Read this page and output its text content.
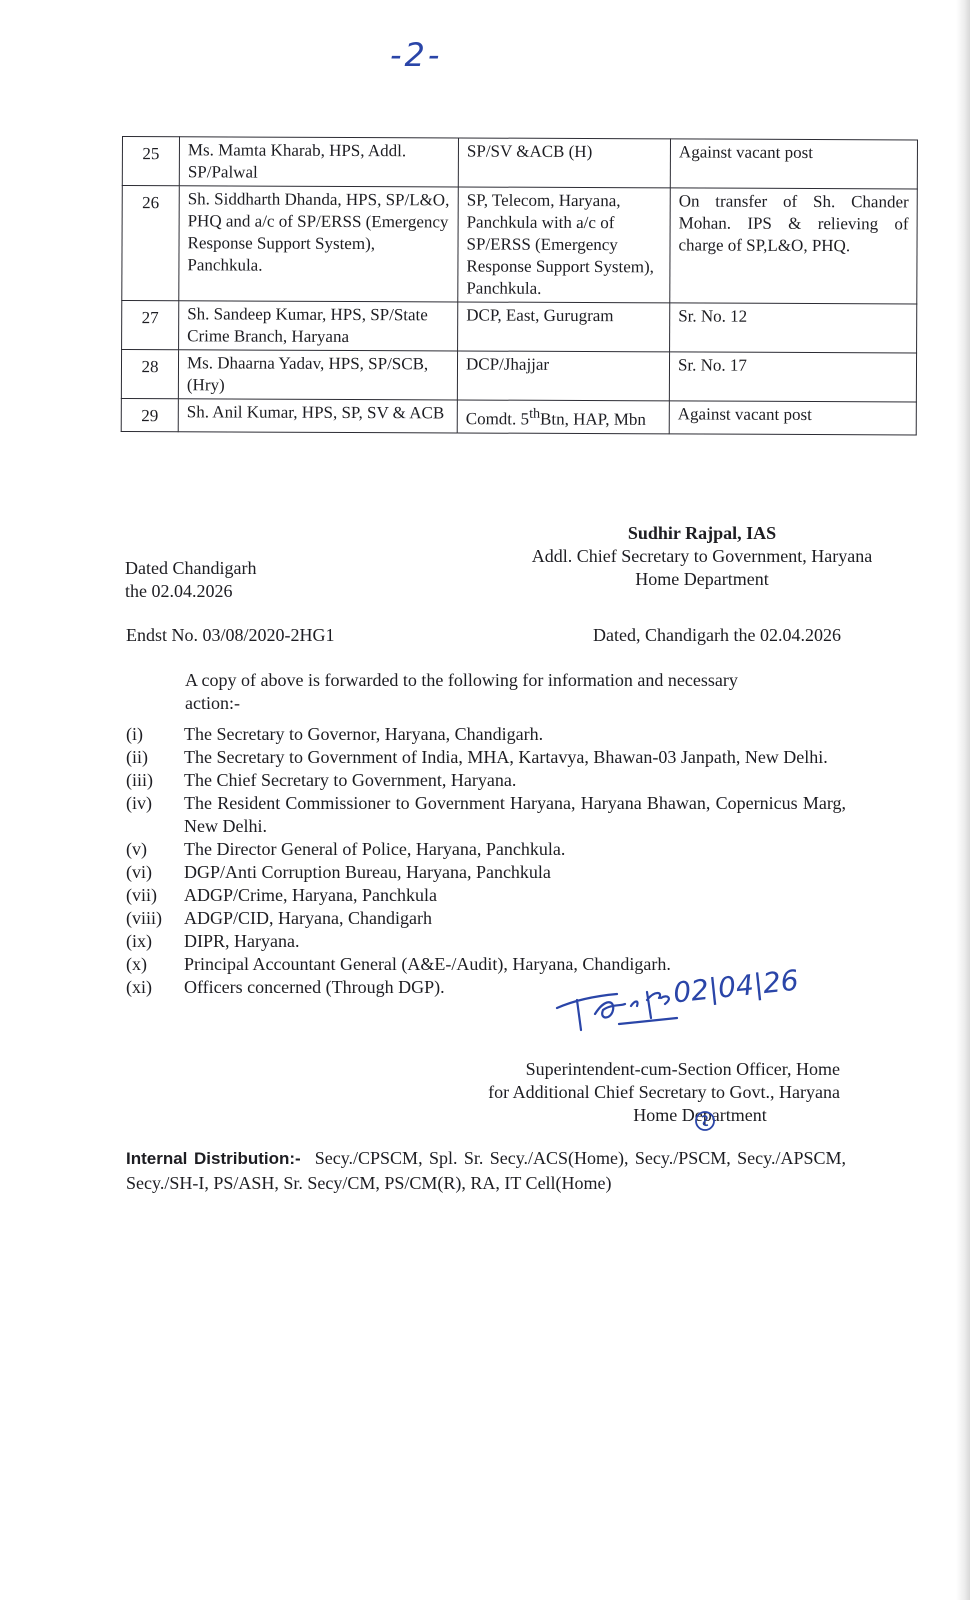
-2-
25	Ms. Mamta Kharab, HPS, Addl. SP/Palwal	SP/SV &ACB (H)	Against vacant post
26	Sh. Siddharth Dhanda, HPS, SP/L&O, PHQ and a/c of SP/ERSS (Emergency Response Support System), Panchkula.	SP, Telecom, Haryana, Panchkula with a/c of SP/ERSS (Emergency Response Support System), Panchkula.	On transfer of Sh. Chander Mohan. IPS & relieving of charge of SP,L&O, PHQ.
27	Sh. Sandeep Kumar, HPS, SP/State Crime Branch, Haryana	DCP, East, Gurugram	Sr. No. 12
28	Ms. Dhaarna Yadav, HPS, SP/SCB, (Hry)	DCP/Jhajjar	Sr. No. 17
29	Sh. Anil Kumar, HPS, SP, SV & ACB	Comdt. 5thBtn, HAP, Mbn	Against vacant post
Sudhir Rajpal, IAS
Addl. Chief Secretary to Government, Haryana
Home Department
Dated Chandigarh
the 02.04.2026
Endst No. 03/08/2020-2HG1	Dated, Chandigarh the 02.04.2026
A copy of above is forwarded to the following for information and necessary action:-
(i)	The Secretary to Governor, Haryana, Chandigarh.
(ii)	The Secretary to Government of India, MHA, Kartavya, Bhawan-03 Janpath, New Delhi.
(iii)	The Chief Secretary to Government, Haryana.
(iv)	The Resident Commissioner to Government Haryana, Haryana Bhawan, Copernicus Marg, New Delhi.
(v)	The Director General of Police, Haryana, Panchkula.
(vi)	DGP/Anti Corruption Bureau, Haryana, Panchkula
(vii)	ADGP/Crime, Haryana, Panchkula
(viii)	ADGP/CID, Haryana, Chandigarh
(ix)	DIPR, Haryana.
(x)	Principal Accountant General (A&E-/Audit), Haryana, Chandigarh.
(xi)	Officers concerned (Through DGP).	02|04|26
Superintendent-cum-Section Officer, Home
for Additional Chief Secretary to Govt., Haryana
Home Department
Internal Distribution:- Secy./CPSCM, Spl. Sr. Secy./ACS(Home), Secy./PSCM, Secy./APSCM, Secy./SH-I, PS/ASH, Sr. Secy/CM, PS/CM(R), RA, IT Cell(Home)
